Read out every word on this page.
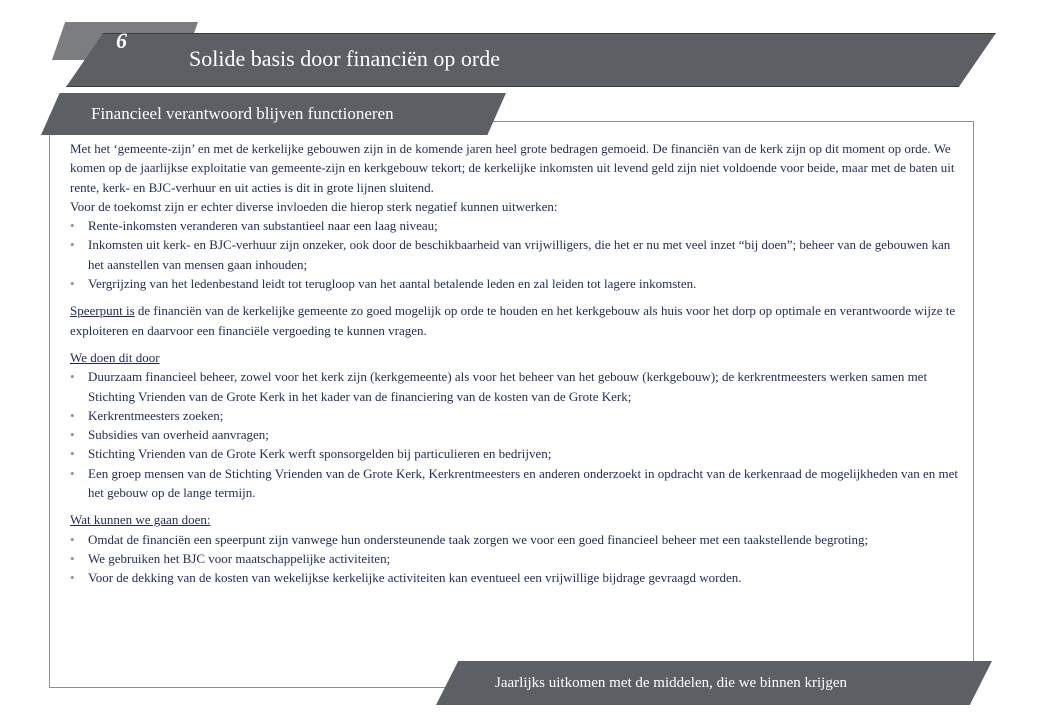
6
Solide basis door financiën op orde
Financieel verantwoord blijven functioneren

Met het ‘gemeente-zijn’ en met de kerkelijke gebouwen zijn in de komende jaren heel grote bedragen gemoeid. De financiën van de kerk zijn op dit moment op orde. We komen op de jaarlijkse exploitatie van gemeente-zijn en kerkgebouw tekort; de kerkelijke inkomsten uit levend geld zijn niet voldoende voor beide, maar met de baten uit rente, kerk- en BJC-verhuur en uit acties is dit in grote lijnen sluitend.

Voor de toekomst zijn er echter diverse invloeden die hierop sterk negatief kunnen uitwerken:

• Rente-inkomsten veranderen van substantieel naar een laag niveau;
• Inkomsten uit kerk- en BJC-verhuur zijn onzeker, ook door de beschikbaarheid van vrijwilligers, die het er nu met veel inzet “bij doen”; beheer van de gebouwen kan het aanstellen van mensen gaan inhouden;
• Vergrijzing van het ledenbestand leidt tot terugloop van het aantal betalende leden en zal leiden tot lagere inkomsten.

Speerpunt is de financiën van de kerkelijke gemeente zo goed mogelijk op orde te houden en het kerkgebouw als huis voor het dorp op optimale en verantwoorde wijze te exploiteren en daarvoor een financiële vergoeding te kunnen vragen.

We doen dit door

• Duurzaam financieel beheer, zowel voor het kerk zijn (kerkgemeente) als voor het beheer van het gebouw (kerkgebouw); de kerkrentmeesters werken samen met Stichting Vrienden van de Grote Kerk in het kader van de financiering van de kosten van de Grote Kerk;
• Kerkrentmeesters zoeken;
• Subsidies van overheid aanvragen;
• Stichting Vrienden van de Grote Kerk werft sponsorgelden bij particulieren en bedrijven;
• Een groep mensen van de Stichting Vrienden van de Grote Kerk, Kerkrentmeesters en anderen onderzoekt in opdracht van de kerkenraad de mogelijkheden van en met het gebouw op de lange termijn.

Wat kunnen we gaan doen:

• Omdat de financiën een speerpunt zijn vanwege hun ondersteunende taak zorgen we voor een goed financieel beheer met een taakstellende begroting;
• We gebruiken het BJC voor maatschappelijke activiteiten;
• Voor de dekking van de kosten van wekelijkse kerkelijke activiteiten kan eventueel een vrijwillige bijdrage gevraagd worden.
Jaarlijks uitkomen met de middelen, die we binnen krijgen
